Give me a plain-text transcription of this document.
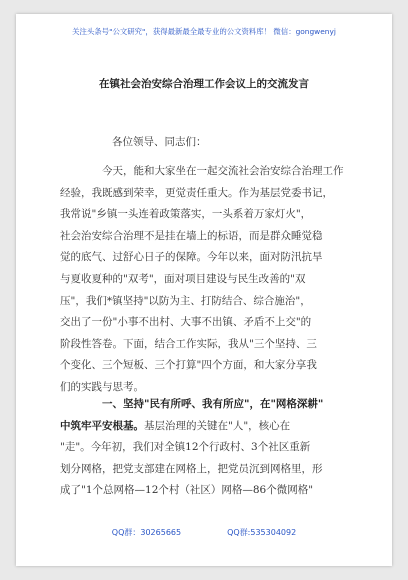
关注头条号"公文研究"，获得最新最全最专业的公文资料库！ 微信：gongwenyj
在镇社会治安综合治理工作会议上的交流发言
各位领导、同志们：
今天，能和大家坐在一起交流社会治安综合治理工作
经验，我既感到荣幸，更觉责任重大。作为基层党委书记，
我常说"乡镇一头连着政策落实，一头系着万家灯火"，
社会治安综合治理不是挂在墙上的标语，而是群众睡觉稳
觉的底气、过舒心日子的保障。今年以来，面对防汛抗旱
与夏收夏种的"双考"，面对项目建设与民生改善的"双
压"，我们*镇坚持"以防为主、打防结合、综合施治"，
交出了一份"小事不出村、大事不出镇、矛盾不上交"的
阶段性答卷。下面，结合工作实际，我从"三个坚持、三
个变化、三个短板、三个打算"四个方面，和大家分享我
们的实践与思考。
一、坚持"民有所呼、我有所应"，在"网格深耕"
中筑牢平安根基。基层治理的关键在"人"，核心在
"走"。今年初，我们对全镇12个行政村、3个社区重新
划分网格，把党支部建在网格上，把党员沉到网格里，形
成了"1个总网格—12个村（社区）网格—86个微网格"
QQ群：30265665	QQ群:535304092
